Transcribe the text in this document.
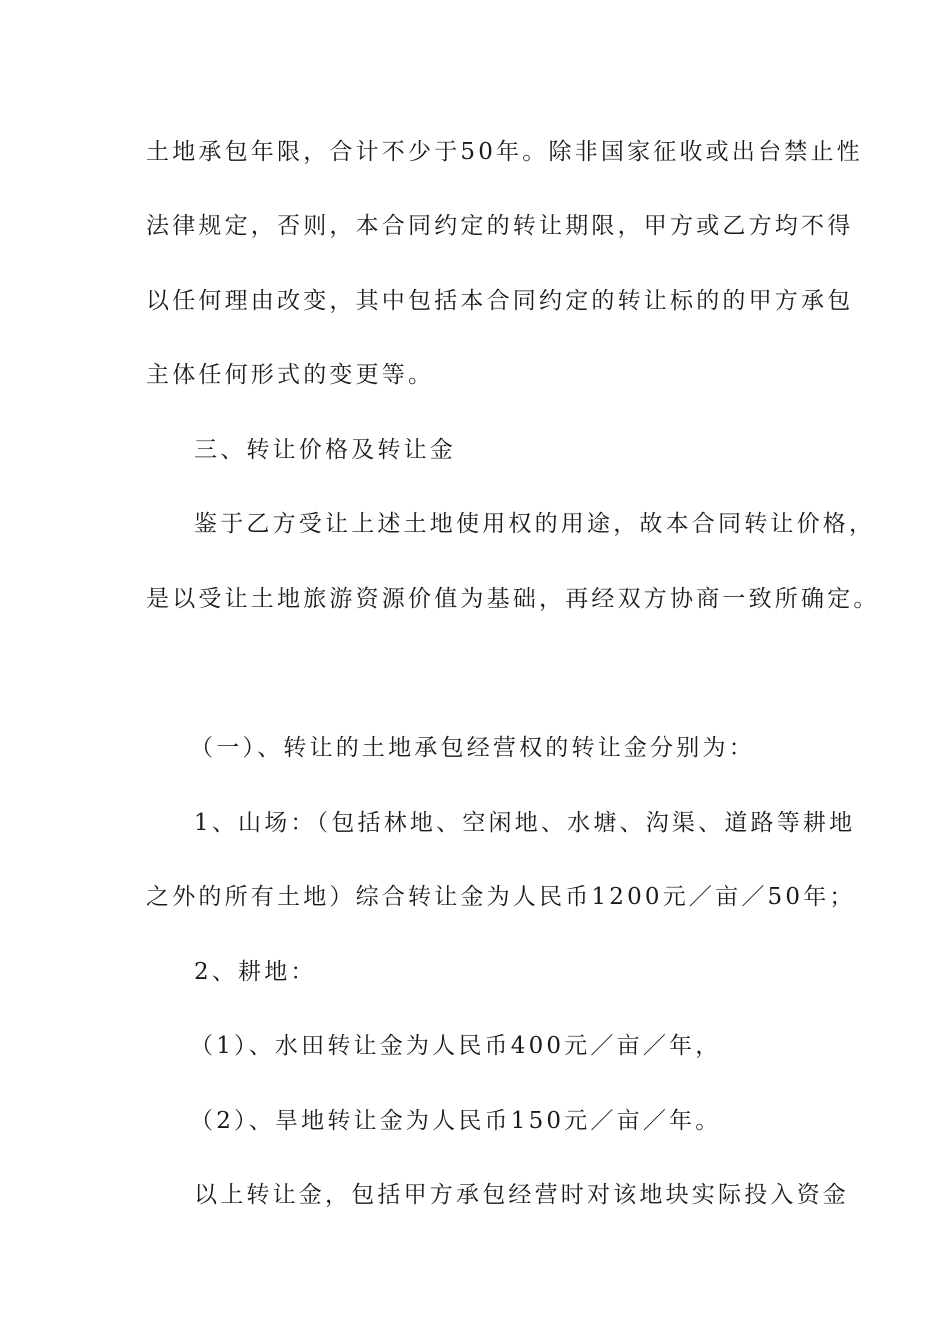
土地承包年限，合计不少于50年。除非国家征收或出台禁止性
法律规定，否则，本合同约定的转让期限，甲方或乙方均不得
以任何理由改变，其中包括本合同约定的转让标的的甲方承包
主体任何形式的变更等。
三、转让价格及转让金
鉴于乙方受让上述土地使用权的用途，故本合同转让价格，
是以受让土地旅游资源价值为基础，再经双方协商一致所确定。
（一）、转让的土地承包经营权的转让金分别为：
1、山场：（包括林地、空闲地、水塘、沟渠、道路等耕地
之外的所有土地）综合转让金为人民币1200元／亩／50年；
2、耕地：
（1）、水田转让金为人民币400元／亩／年，
（2）、旱地转让金为人民币150元／亩／年。
以上转让金，包括甲方承包经营时对该地块实际投入资金
